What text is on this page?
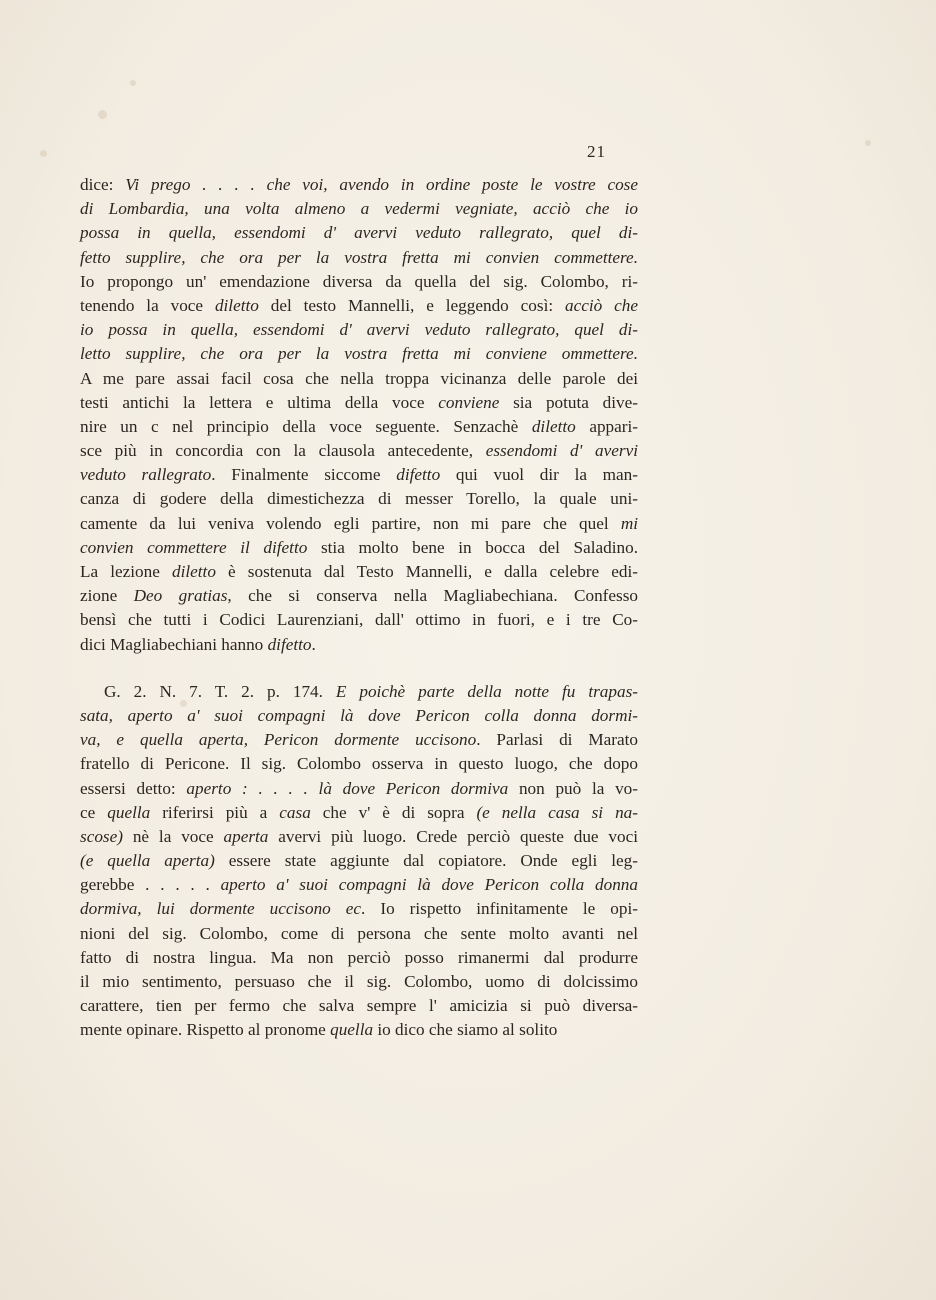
21
dice: Vi prego . . . . che voi, avendo in ordine poste le vostre cose
di Lombardia, una volta almeno a vedermi vegniate, acciò che io
possa in quella, essendomi d' avervi veduto rallegrato, quel di-
fetto supplire, che ora per la vostra fretta mi convien commettere.
Io propongo un' emendazione diversa da quella del sig. Colombo, ri-
tenendo la voce diletto del testo Mannelli, e leggendo così: acciò che
io possa in quella, essendomi d' avervi veduto rallegrato, quel di-
letto supplire, che ora per la vostra fretta mi conviene ommettere.
A me pare assai facil cosa che nella troppa vicinanza delle parole dei
testi antichi la lettera e ultima della voce conviene sia potuta dive-
nire un c nel principio della voce seguente. Senzachè diletto appari-
sce più in concordia con la clausola antecedente, essendomi d' avervi
veduto rallegrato. Finalmente siccome difetto qui vuol dir la man-
canza di godere della dimestichezza di messer Torello, la quale uni-
camente da lui veniva volendo egli partire, non mi pare che quel mi
convien commettere il difetto stia molto bene in bocca del Saladino.
La lezione diletto è sostenuta dal Testo Mannelli, e dalla celebre edi-
zione Deo gratias, che si conserva nella Magliabechiana. Confesso
bensì che tutti i Codici Laurenziani, dall' ottimo in fuori, e i tre Co-
dici Magliabechiani hanno difetto.
G. 2. N. 7. T. 2. p. 174. E poichè parte della notte fu trapas-
sata, aperto a' suoi compagni là dove Pericon colla donna dormi-
va, e quella aperta, Pericon dormente uccisono. Parlasi di Marato
fratello di Pericone. Il sig. Colombo osserva in questo luogo, che dopo
essersi detto: aperto : . . . . là dove Pericon dormiva non può la vo-
ce quella riferirsi più a casa che v' è di sopra (e nella casa si na-
scose) nè la voce aperta avervi più luogo. Crede perciò queste due voci
(e quella aperta) essere state aggiunte dal copiatore. Onde egli leg-
gerebbe . . . . . aperto a' suoi compagni là dove Pericon colla donna
dormiva, lui dormente uccisono ec. Io rispetto infinitamente le opi-
nioni del sig. Colombo, come di persona che sente molto avanti nel
fatto di nostra lingua. Ma non perciò posso rimanermi dal produrre
il mio sentimento, persuaso che il sig. Colombo, uomo di dolcissimo
carattere, tien per fermo che salva sempre l' amicizia si può diversa-
mente opinare. Rispetto al pronome quella io dico che siamo al solito
